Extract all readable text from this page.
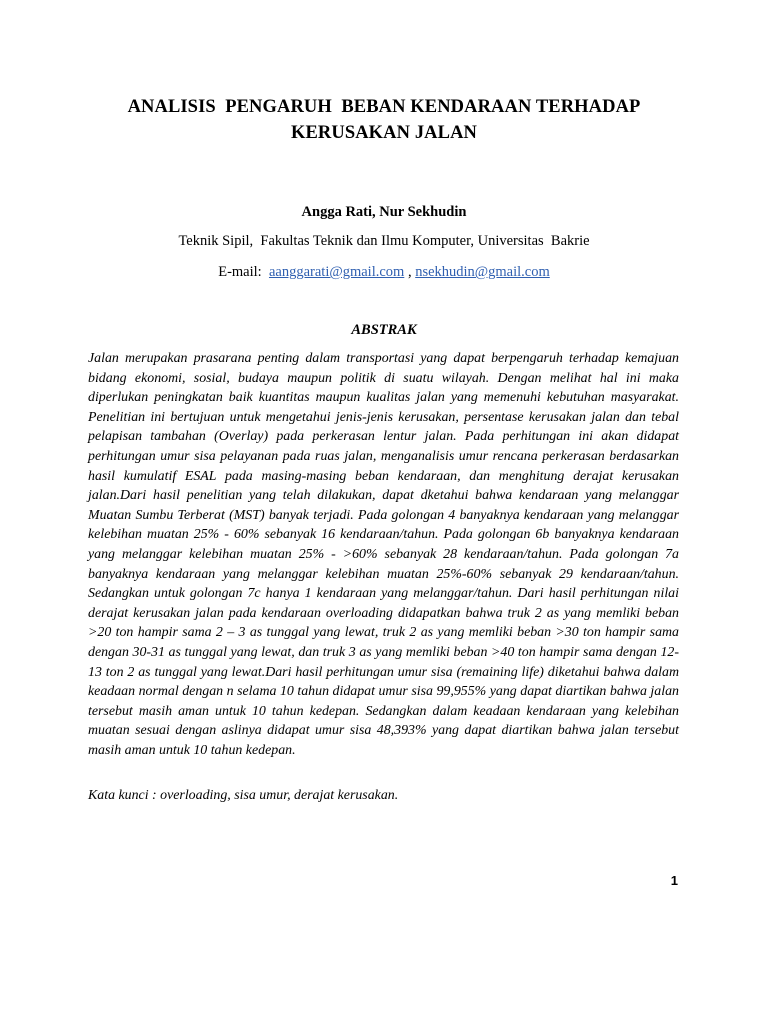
ANALISIS  PENGARUH  BEBAN KENDARAAN TERHADAP
KERUSAKAN JALAN
Angga Rati, Nur Sekhudin
Teknik Sipil,  Fakultas Teknik dan Ilmu Komputer, Universitas  Bakrie
E-mail: aanggarati@gmail.com , nsekhudin@gmail.com
ABSTRAK
Jalan merupakan prasarana penting dalam transportasi yang dapat berpengaruh terhadap kemajuan bidang ekonomi, sosial, budaya maupun politik di suatu wilayah. Dengan melihat hal ini maka diperlukan peningkatan baik kuantitas maupun kualitas jalan yang memenuhi kebutuhan masyarakat. Penelitian ini bertujuan untuk mengetahui jenis-jenis kerusakan, persentase kerusakan jalan dan tebal pelapisan tambahan (Overlay) pada perkerasan lentur jalan. Pada perhitungan ini akan didapat perhitungan umur sisa pelayanan pada ruas jalan, menganalisis umur rencana perkerasan berdasarkan hasil kumulatif ESAL pada masing-masing beban kendaraan, dan menghitung derajat kerusakan jalan.Dari hasil penelitian yang telah dilakukan, dapat dketahui bahwa kendaraan yang melanggar Muatan Sumbu Terberat (MST) banyak terjadi. Pada golongan 4 banyaknya kendaraan yang melanggar kelebihan muatan 25% - 60% sebanyak 16 kendaraan/tahun. Pada golongan 6b banyaknya kendaraan yang melanggar kelebihan muatan 25% - >60% sebanyak 28 kendaraan/tahun. Pada golongan 7a banyaknya kendaraan yang melanggar kelebihan muatan 25%-60% sebanyak 29 kendaraan/tahun. Sedangkan untuk golongan 7c hanya 1 kendaraan yang melanggar/tahun. Dari hasil perhitungan nilai derajat kerusakan jalan pada kendaraan overloading didapatkan bahwa truk 2 as yang memliki beban >20 ton hampir sama 2 – 3 as tunggal yang lewat, truk 2 as yang memliki beban >30 ton hampir sama dengan 30-31 as tunggal yang lewat, dan truk 3 as yang memliki beban >40 ton hampir sama dengan 12-13 ton 2 as tunggal yang lewat.Dari hasil perhitungan umur sisa (remaining life) diketahui bahwa dalam keadaan normal dengan n selama 10 tahun didapat umur sisa 99,955% yang dapat diartikan bahwa jalan tersebut masih aman untuk 10 tahun kedepan. Sedangkan dalam keadaan kendaraan yang kelebihan muatan sesuai dengan aslinya didapat umur sisa 48,393% yang dapat diartikan bahwa jalan tersebut masih aman untuk 10 tahun kedepan.
Kata kunci : overloading, sisa umur, derajat kerusakan.
1
